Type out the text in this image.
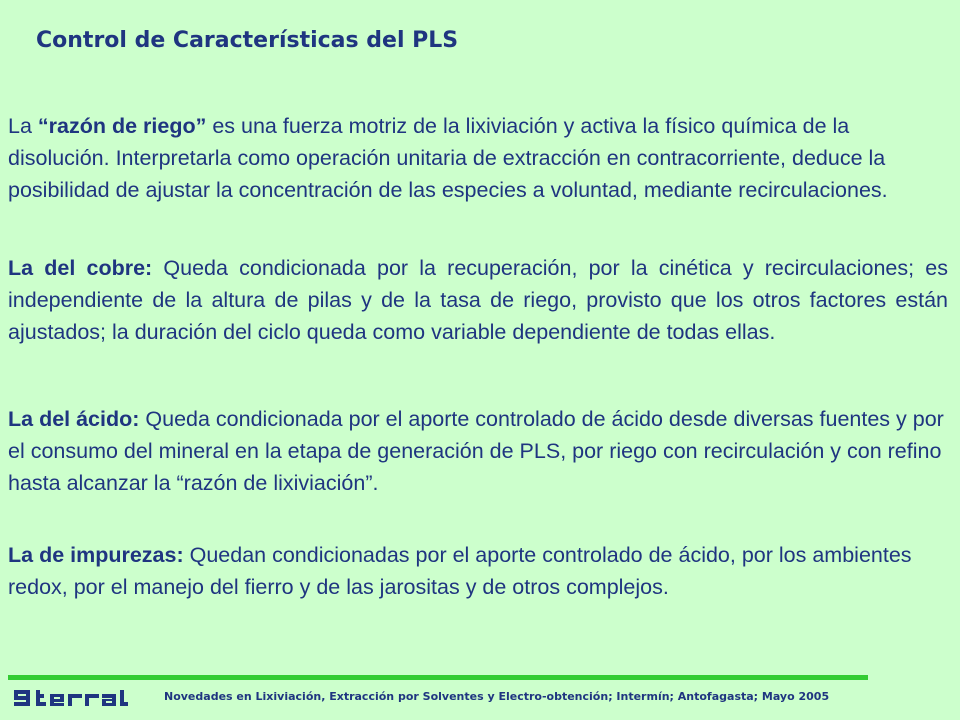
Control de Características del PLS
La “razón de riego” es una fuerza motriz de la lixiviación y activa la físico química de la disolución. Interpretarla como operación unitaria de extracción en contracorriente, deduce la posibilidad de ajustar la concentración de las especies a voluntad, mediante recirculaciones.
La del cobre: Queda condicionada por la recuperación, por la cinética y recirculaciones; es independiente de la altura de pilas y de la tasa de riego, provisto que los otros factores están ajustados; la duración del ciclo queda como variable dependiente de todas ellas.
La del ácido: Queda condicionada por el aporte controlado de ácido desde diversas fuentes y por el consumo del mineral en la etapa de generación de PLS, por riego con recirculación y con refino hasta alcanzar la “razón de lixiviación”.
La de impurezas: Quedan condicionadas por el aporte controlado de ácido, por los ambientes redox, por el manejo del fierro y de las jarositas y de otros complejos.
Novedades en Lixiviación, Extracción por Solventes y Electro-obtención; Intermín; Antofagasta; Mayo 2005
